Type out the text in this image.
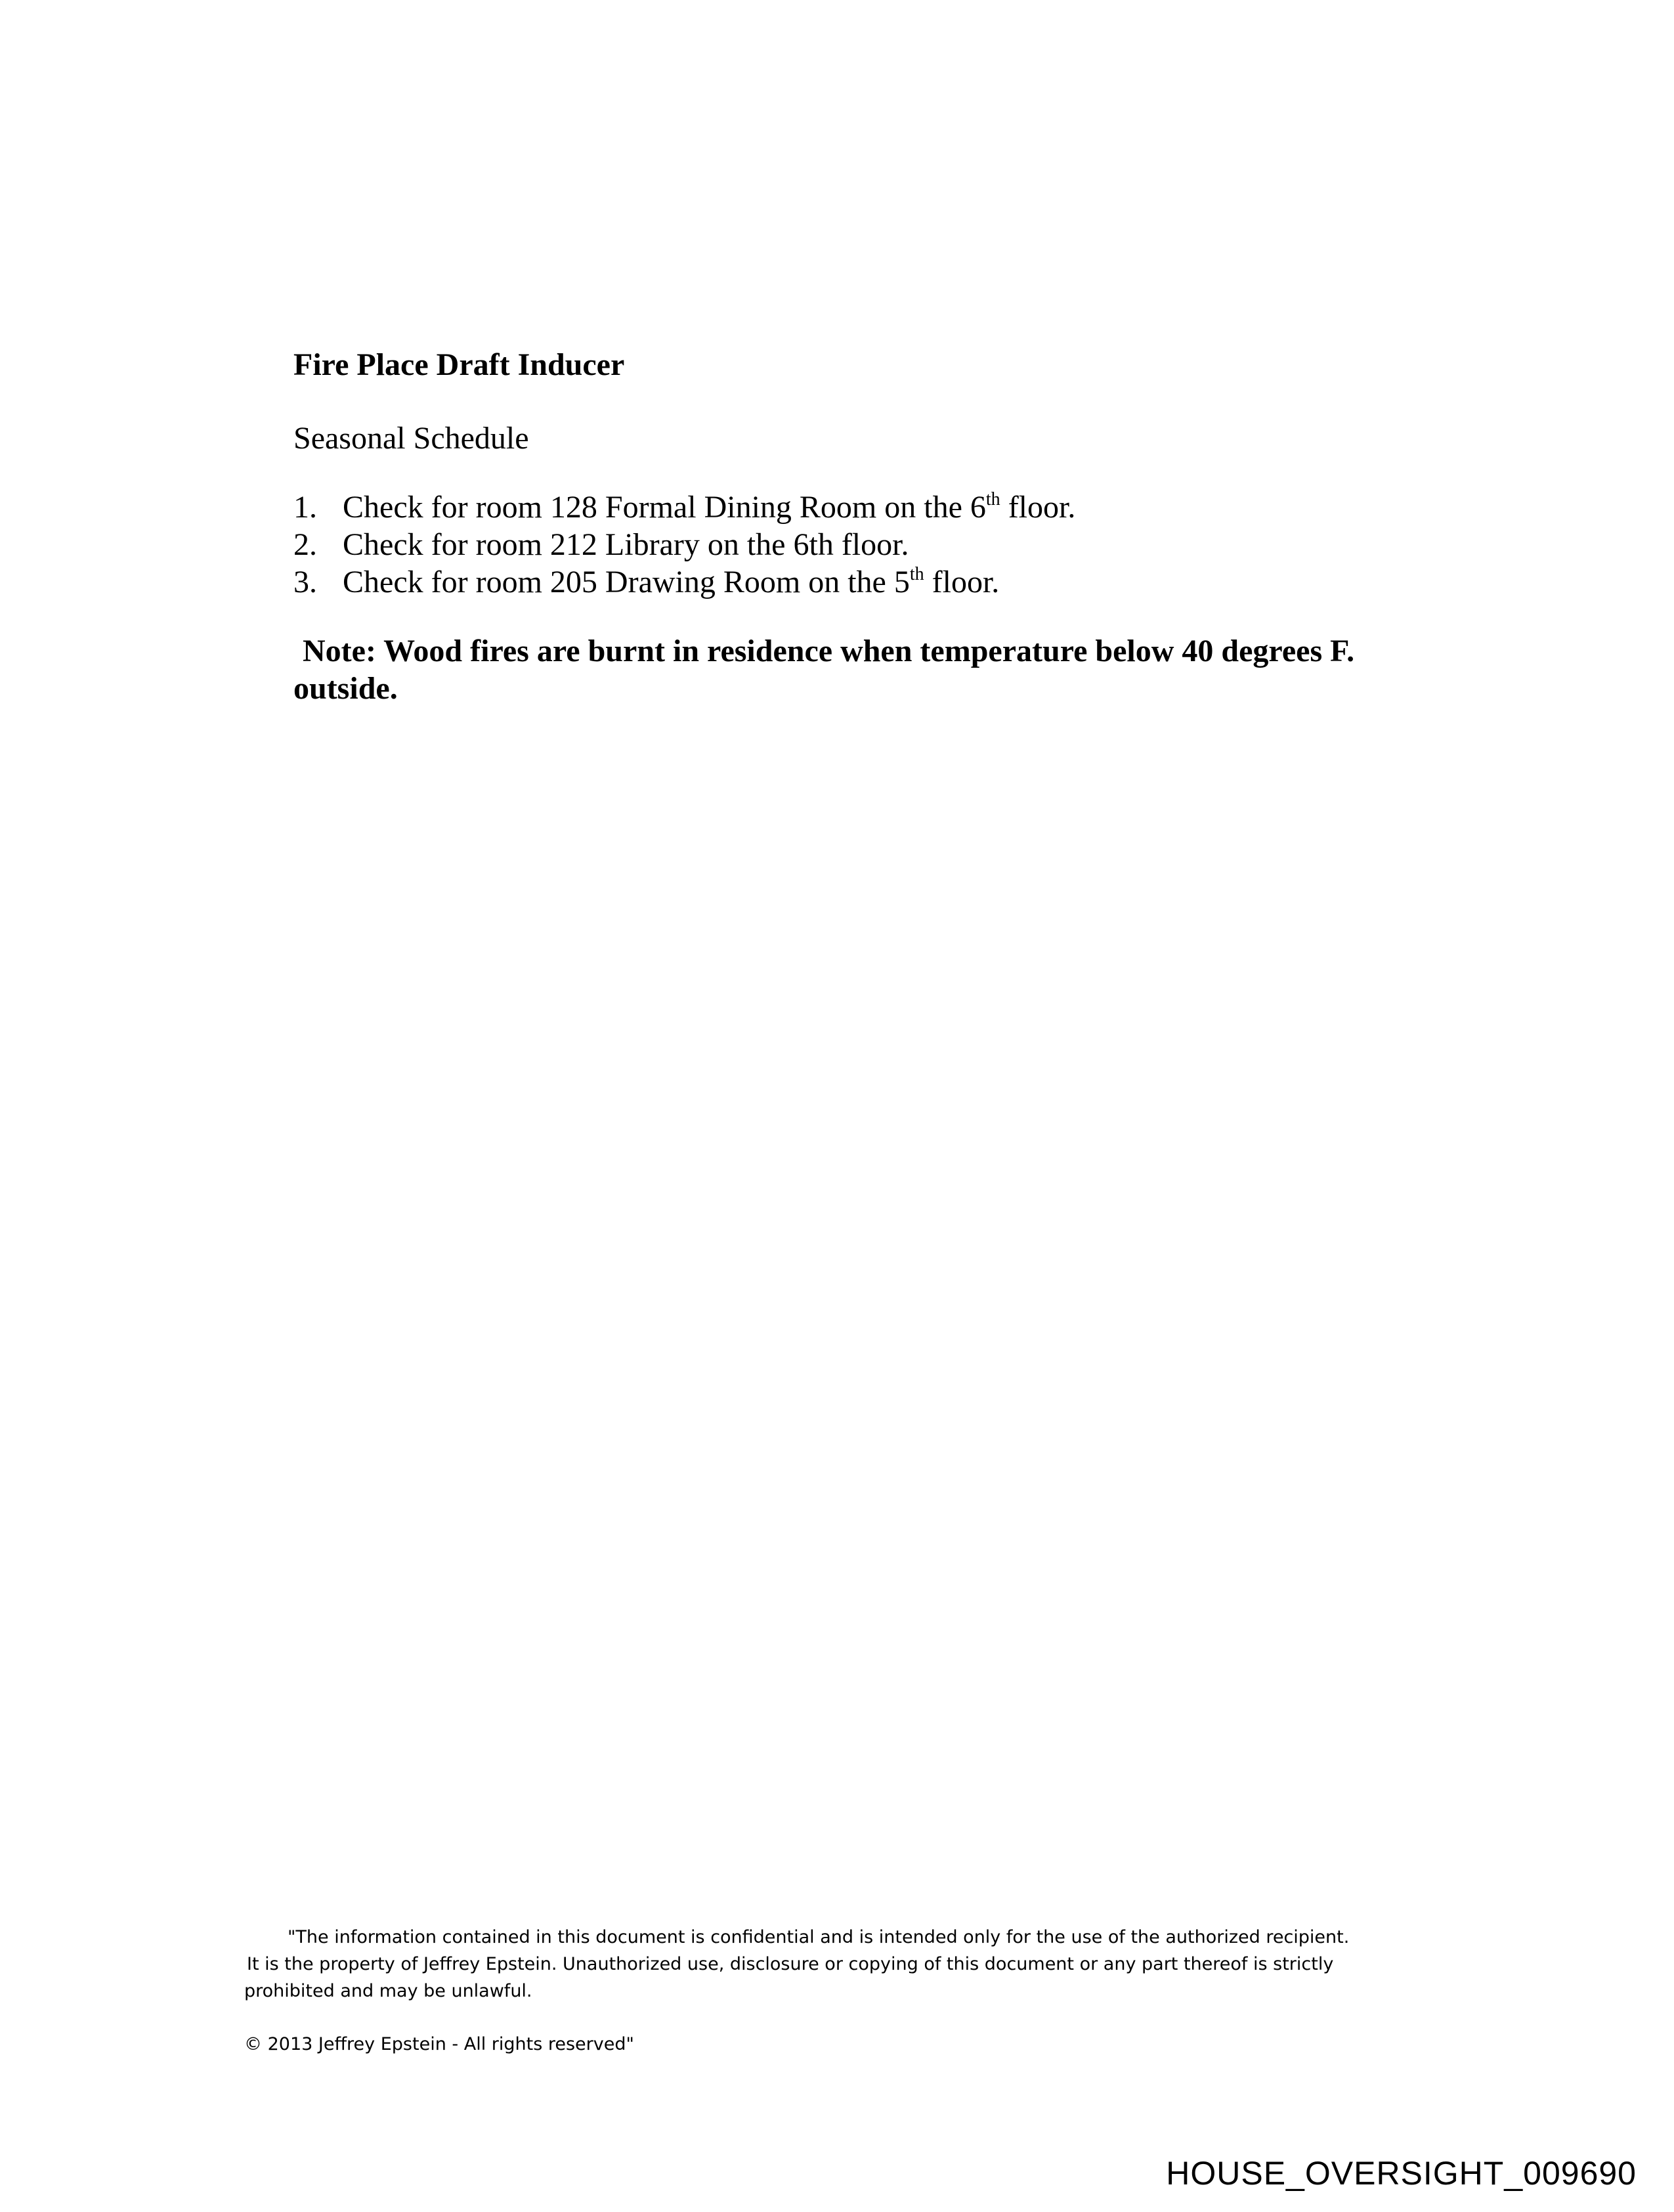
Fire Place Draft Inducer

Seasonal Schedule

1. Check for room 128 Formal Dining Room on the 6th floor.
2. Check for room 212 Library on the 6th floor.
3. Check for room 205 Drawing Room on the 5th floor.

Note: Wood fires are burnt in residence when temperature below 40 degrees F. outside.

"The information contained in this document is confidential and is intended only for the use of the authorized recipient.
It is the property of Jeffrey Epstein. Unauthorized use, disclosure or copying of this document or any part thereof is strictly
prohibited and may be unlawful.
© 2013 Jeffrey Epstein - All rights reserved"
HOUSE_OVERSIGHT_009690
